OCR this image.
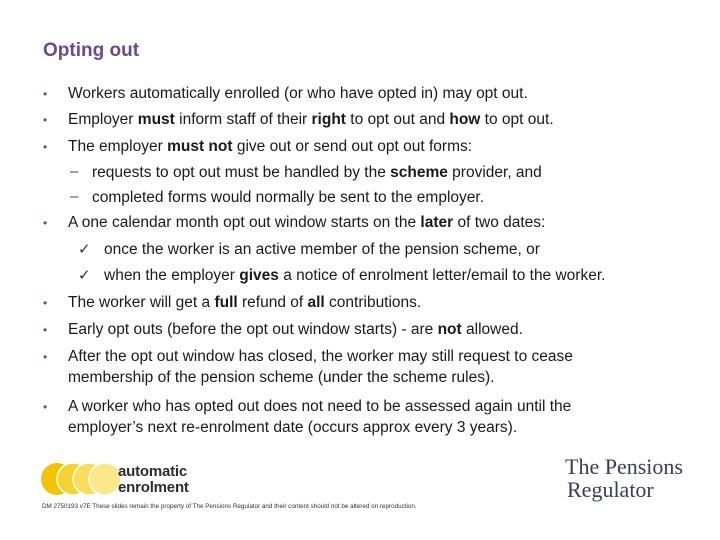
Opting out
• Workers automatically enrolled (or who have opted in) may opt out.
• Employer must inform staff of their right to opt out and how to opt out.
• The employer must not give out or send out opt out forms:
– requests to opt out must be handled by the scheme provider, and
– completed forms would normally be sent to the employer.
• A one calendar month opt out window starts on the later of two dates:
✓ once the worker is an active member of the pension scheme, or
✓ when the employer gives a notice of enrolment letter/email to the worker.
• The worker will get a full refund of all contributions.
• Early opt outs (before the opt out window starts) - are not allowed.
• After the opt out window has closed, the worker may still request to cease
membership of the pension scheme (under the scheme rules).
• A worker who has opted out does not need to be assessed again until the
employer’s next re-enrolment date (occurs approx every 3 years).
automatic
enrolment
The Pensions
Regulator
DM 2750193 v7E These slides remain the property of The Pensions Regulator and their content should not be altered on reproduction.
